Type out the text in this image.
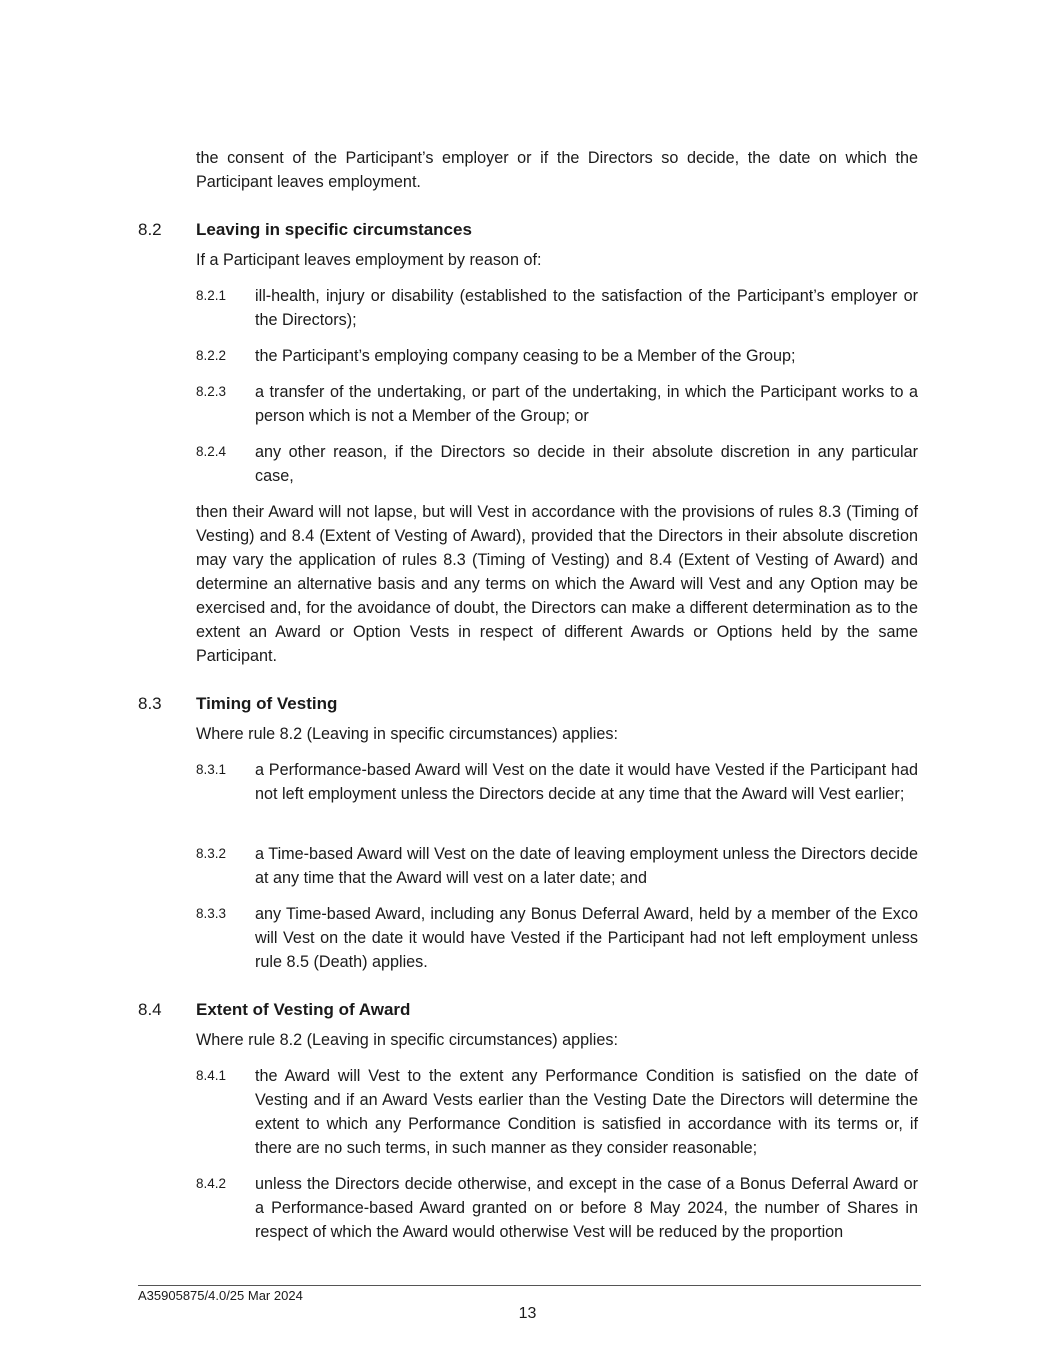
the consent of the Participant’s employer or if the Directors so decide, the date on which the Participant leaves employment.

8.2 Leaving in specific circumstances

If a Participant leaves employment by reason of:

8.2.1 ill-health, injury or disability (established to the satisfaction of the Participant’s employer or the Directors);

8.2.2 the Participant’s employing company ceasing to be a Member of the Group;

8.2.3 a transfer of the undertaking, or part of the undertaking, in which the Participant works to a person which is not a Member of the Group; or

8.2.4 any other reason, if the Directors so decide in their absolute discretion in any particular case,

then their Award will not lapse, but will Vest in accordance with the provisions of rules 8.3 (Timing of Vesting) and 8.4 (Extent of Vesting of Award), provided that the Directors in their absolute discretion may vary the application of rules 8.3 (Timing of Vesting) and 8.4 (Extent of Vesting of Award) and determine an alternative basis and any terms on which the Award will Vest and any Option may be exercised and, for the avoidance of doubt, the Directors can make a different determination as to the extent an Award or Option Vests in respect of different Awards or Options held by the same Participant.

8.3 Timing of Vesting

Where rule 8.2 (Leaving in specific circumstances) applies:

8.3.1 a Performance-based Award will Vest on the date it would have Vested if the Participant had not left employment unless the Directors decide at any time that the Award will Vest earlier;

8.3.2 a Time-based Award will Vest on the date of leaving employment unless the Directors decide at any time that the Award will vest on a later date; and

8.3.3 any Time-based Award, including any Bonus Deferral Award, held by a member of the Exco will Vest on the date it would have Vested if the Participant had not left employment unless rule 8.5 (Death) applies.

8.4 Extent of Vesting of Award

Where rule 8.2 (Leaving in specific circumstances) applies:

8.4.1 the Award will Vest to the extent any Performance Condition is satisfied on the date of Vesting and if an Award Vests earlier than the Vesting Date the Directors will determine the extent to which any Performance Condition is satisfied in accordance with its terms or, if there are no such terms, in such manner as they consider reasonable;

8.4.2 unless the Directors decide otherwise, and except in the case of a Bonus Deferral Award or a Performance-based Award granted on or before 8 May 2024, the number of Shares in respect of which the Award would otherwise Vest will be reduced by the proportion

A35905875/4.0/25 Mar 2024
13
